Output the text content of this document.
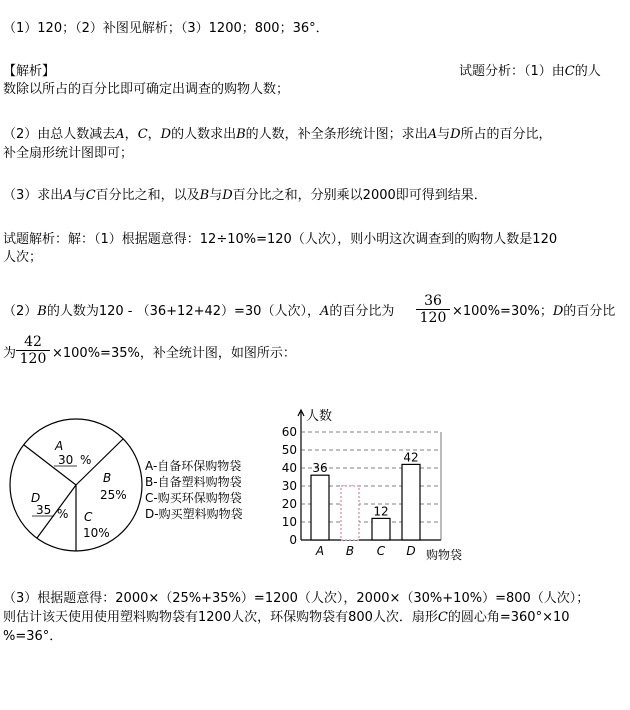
（1）120；（2）补图见解析；（3）1200；800；36°．
【解析】	试题分析：（1）由C的人
数除以所占的百分比即可确定出调查的购物人数；
（2）由总人数减去A，C，D的人数求出B的人数，补全条形统计图；求出A与D所占的百分比，
补全扇形统计图即可；
（3）求出A与C百分比之和，以及B与D百分比之和，分别乘以2000即可得到结果．
试题解析：解：（1）根据题意得：12÷10%=120（人次），则小明这次调查到的购物人数是120
人次；
（2）B的人数为120 - （36+12+42）=30（人次），A的百分比为
36
120 ×100%=30%；D的百分比
为
42
120 ×100%=35%，补全统计图，如图所示：
A
30 %
B
25%
C
10%
D
35 %
A-自备环保购物袋
B-自备塑料购物袋
C-购买环保购物袋
D-购买塑料购物袋
0
10
20
30
40
50
60
36
12
42
A B C D
人数
购物袋
（3）根据题意得：2000×（25%+35%）=1200（人次），2000×（30%+10%）=800（人次）；
则估计该天使用使用塑料购物袋有1200人次，环保购物袋有800人次．扇形C的圆心角=360°×10
%=36°．
